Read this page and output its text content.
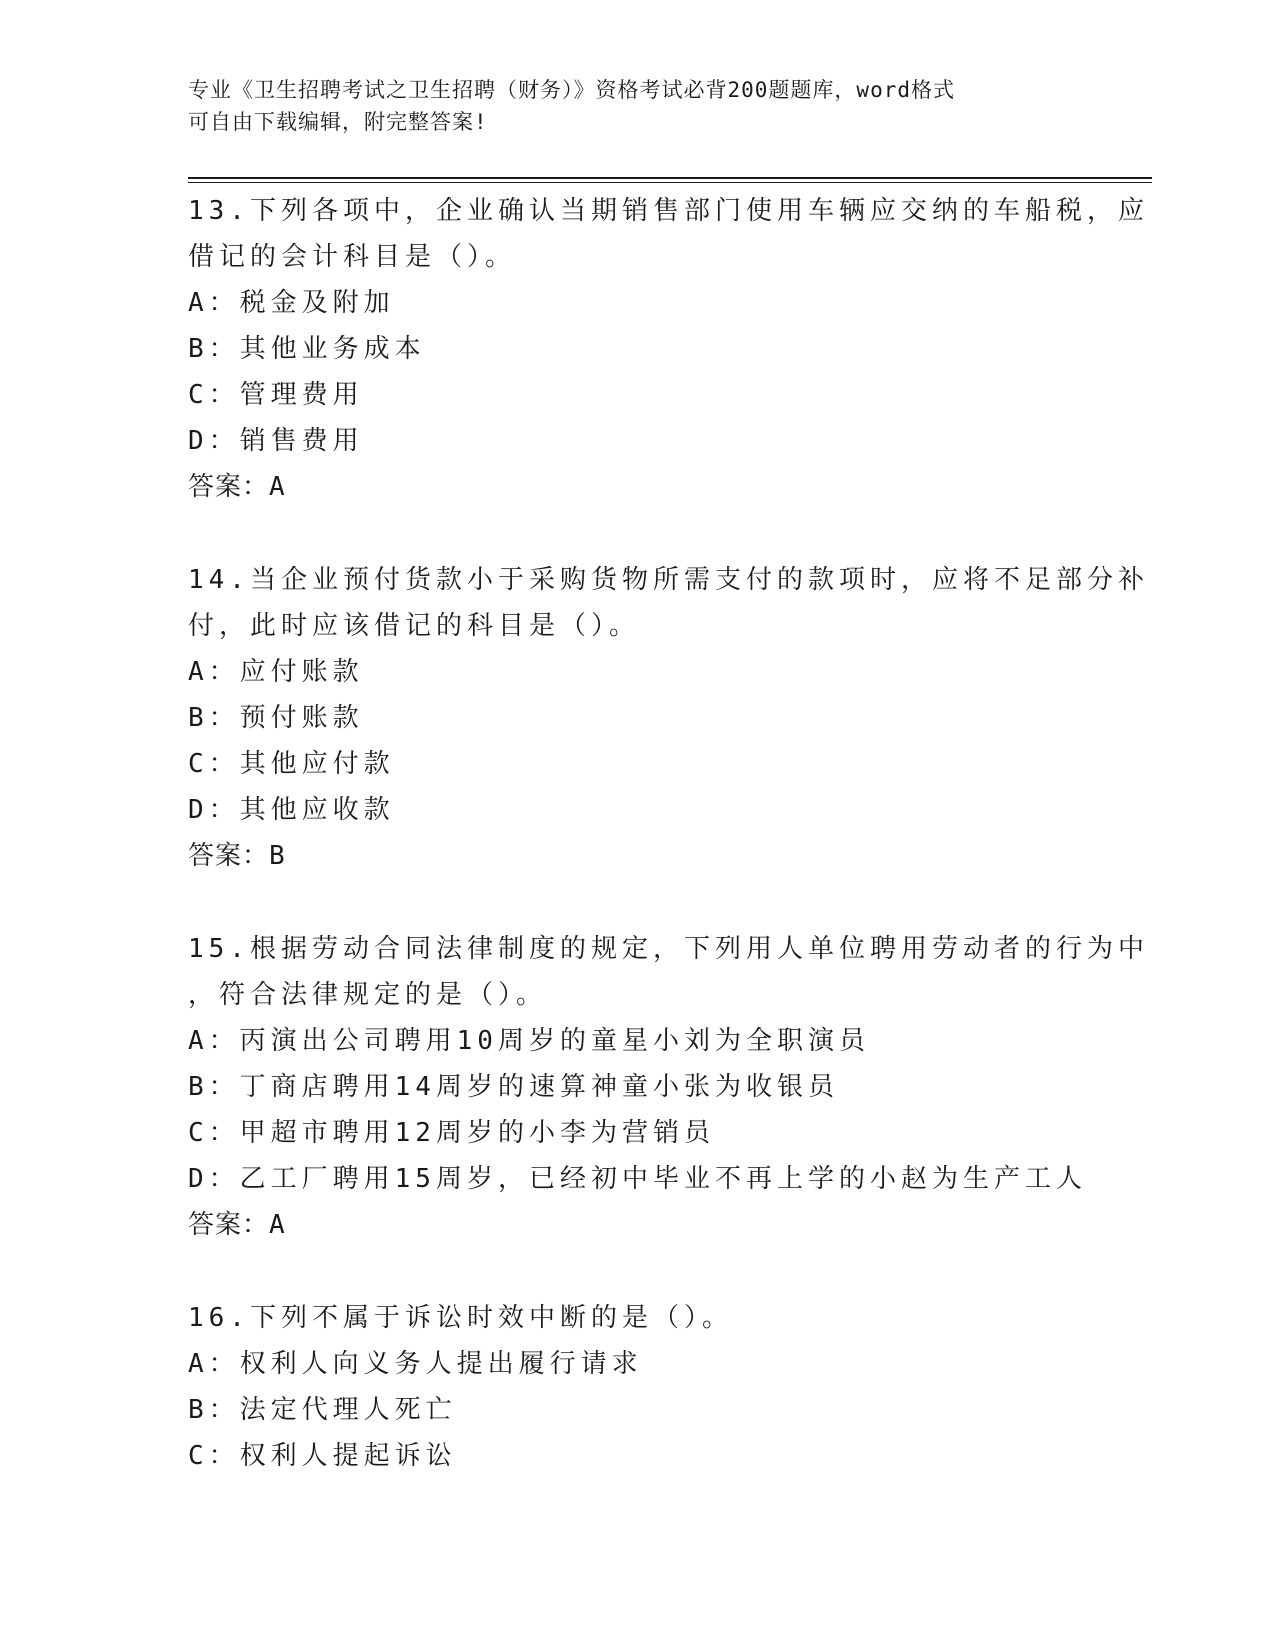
专业《卫生招聘考试之卫生招聘（财务）》资格考试必背200题题库，word格式

可自由下载编辑，附完整答案!

13.下列各项中，企业确认当期销售部门使用车辆应交纳的车船税，应
借记的会计科目是（）。

A：税金及附加

B：其他业务成本

C：管理费用

D：销售费用

答案：A

14.当企业预付货款小于采购货物所需支付的款项时，应将不足部分补
付，此时应该借记的科目是（）。

A：应付账款

B：预付账款

C：其他应付款

D：其他应收款

答案：B

15.根据劳动合同法律制度的规定，下列用人单位聘用劳动者的行为中
，符合法律规定的是（）。

A：丙演出公司聘用10周岁的童星小刘为全职演员

B：丁商店聘用14周岁的速算神童小张为收银员

C：甲超市聘用12周岁的小李为营销员

D：乙工厂聘用15周岁，已经初中毕业不再上学的小赵为生产工人

答案：A

16.下列不属于诉讼时效中断的是（）。

A：权利人向义务人提出履行请求

B：法定代理人死亡

C：权利人提起诉讼
